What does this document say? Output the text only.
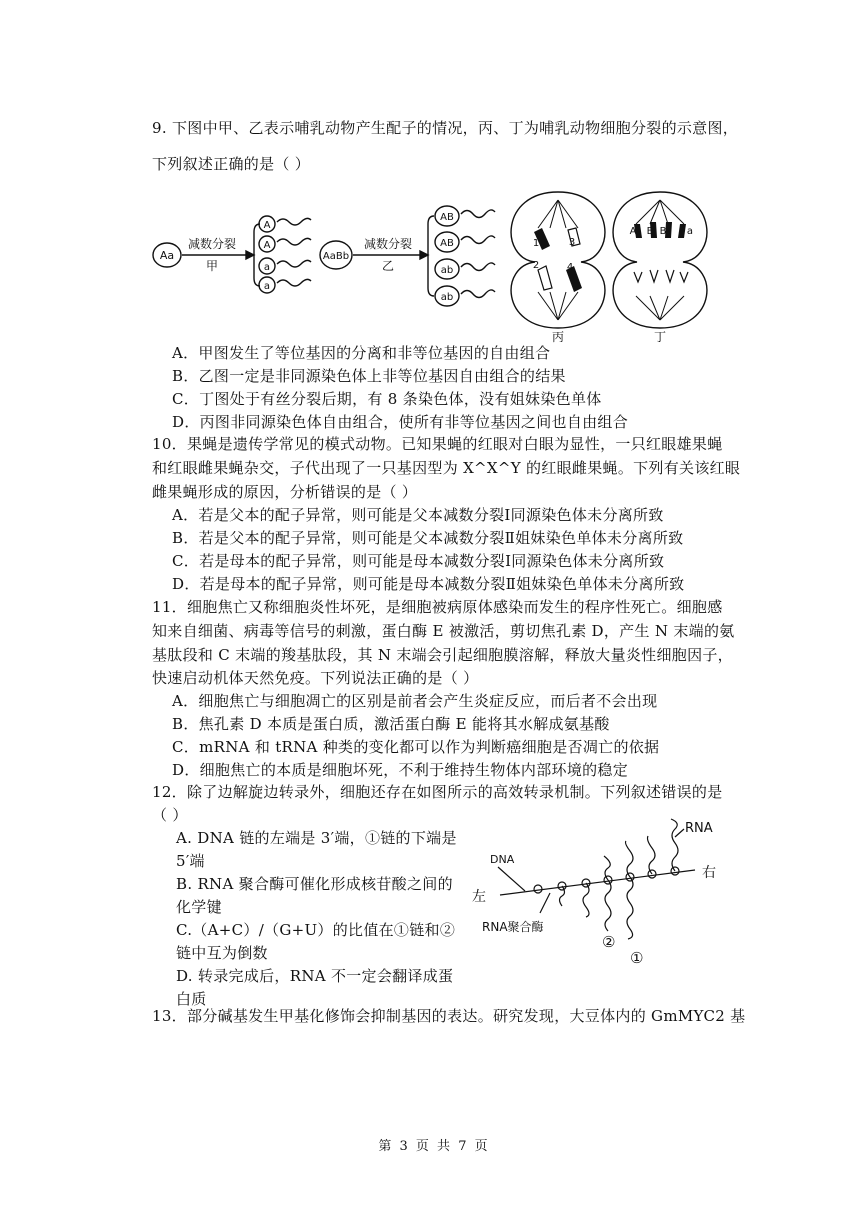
9. 下图中甲、乙表示哺乳动物产生配子的情况，丙、丁为哺乳动物细胞分裂的示意图，
下列叙述正确的是（ ）
Aa
减数分裂
甲
A
A
a
a
AaBb
减数分裂
乙
AB
AB
ab
ab
1	3
2	4
丙
A B B a
丁
A．甲图发生了等位基因的分离和非等位基因的自由组合
B．乙图一定是非同源染色体上非等位基因自由组合的结果
C．丁图处于有丝分裂后期，有 8 条染色体，没有姐妹染色单体
D．丙图非同源染色体自由组合，使所有非等位基因之间也自由组合
10．果蝇是遗传学常见的模式动物。已知果蝇的红眼对白眼为显性，一只红眼雄果蝇
和红眼雌果蝇杂交，子代出现了一只基因型为 X^X^Y 的红眼雌果蝇。下列有关该红眼
雌果蝇形成的原因，分析错误的是（ ）
A．若是父本的配子异常，则可能是父本减数分裂Ⅰ同源染色体未分离所致
B．若是父本的配子异常，则可能是父本减数分裂Ⅱ姐妹染色单体未分离所致
C．若是母本的配子异常，则可能是母本减数分裂Ⅰ同源染色体未分离所致
D．若是母本的配子异常，则可能是母本减数分裂Ⅱ姐妹染色单体未分离所致
11．细胞焦亡又称细胞炎性坏死，是细胞被病原体感染而发生的程序性死亡。细胞感
知来自细菌、病毒等信号的刺激，蛋白酶 E 被激活，剪切焦孔素 D，产生 N 末端的氨
基肽段和 C 末端的羧基肽段，其 N 末端会引起细胞膜溶解，释放大量炎性细胞因子，
快速启动机体天然免疫。下列说法正确的是（ ）
A．细胞焦亡与细胞凋亡的区别是前者会产生炎症反应，而后者不会出现
B．焦孔素 D 本质是蛋白质，激活蛋白酶 E 能将其水解成氨基酸
C．mRNA 和 tRNA 种类的变化都可以作为判断癌细胞是否凋亡的依据
D．细胞焦亡的本质是细胞坏死，不利于维持生物体内部环境的稳定
12．除了边解旋边转录外，细胞还存在如图所示的高效转录机制。下列叙述错误的是
（ ）
A. DNA 链的左端是 3′端，①链的下端是
5′端
B. RNA 聚合酶可催化形成核苷酸之间的
化学键
C.（A+C）/（G+U）的比值在①链和②
链中互为倒数
D. 转录完成后，RNA 不一定会翻译成蛋
白质
RNA
DNA
左
右
RNA聚合酶
②
①
13．部分碱基发生甲基化修饰会抑制基因的表达。研究发现，大豆体内的 GmMYC2 基
第 3 页 共 7 页
